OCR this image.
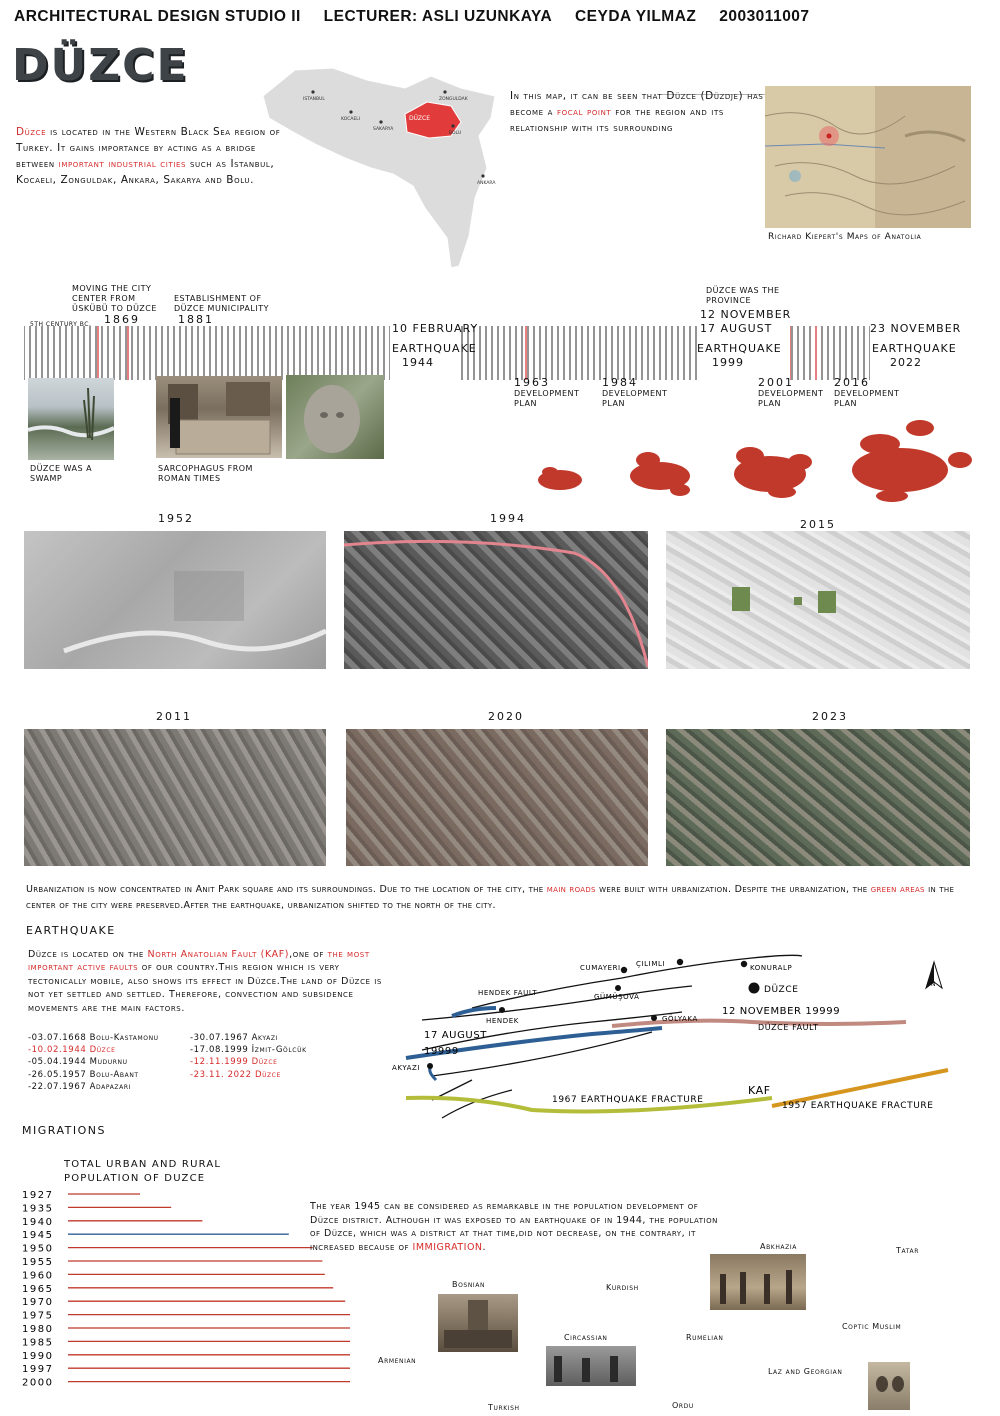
ARCHITECTURAL DESIGN STUDIO II LECTURER: ASLI UZUNKAYA CEYDA YILMAZ 2003011007
DÜZCE
Düzce is located in the Western Black Sea region of Turkey. It gains importance by acting as a bridge between important industrial cities such as Istanbul, Kocaeli, Zonguldak, Ankara, Sakarya and Bolu.
DÜZCE
ISTANBUL
KOCAELI
SAKARYA
ZONGULDAK
BOLU
ANKARA
In this map, it can be seen that Düzce (Düzdje) has become a focal point for the region and its relationship with its surrounding
Richard Kiepert's Maps of Anatolia
5TH CENTURY BC.
MOVING THE CITY CENTER FROM ÜSKÜBÜ TO DÜZCE
1869
ESTABLISHMENT OF DÜZCE MUNICIPALITY
1881
10 FEBRUARY
EARTHQUAKE
1944
DÜZCE WAS THE PROVINCE
12 NOVEMBER
17 AUGUST
EARTHQUAKE
1999
23 NOVEMBER
EARTHQUAKE
2022
1963
DEVELOPMENT PLAN
1984
DEVELOPMENT PLAN
2001
DEVELOPMENT PLAN
2016
DEVELOPMENT PLAN
DÜZCE WAS A SWAMP
SARCOPHAGUS FROM ROMAN TIMES
1952	1994	2015
2011	2020	2023
Urbanization is now concentrated in Anit Park square and its surroundings. Due to the location of the city, the main roads were built with urbanization. Despite the urbanization, the green areas in the center of the city were preserved.After the earthquake, urbanization shifted to the north of the city.
EARTHQUAKE
Düzce is located on the North Anatolian Fault (KAF),one of the most important active faults of our country.This region which is very tectonically mobile, also shows its effect in Düzce.The land of Düzce is not yet settled and settled. Therefore, convection and subsidence movements are the main factors.
-03.07.1668 Bolu-Kastamonu
-10.02.1944 Düzce
-05.04.1944 Mudurnu
-26.05.1957 Bolu-Abant
-22.07.1967 Adapazari
-30.07.1967 Akyazi
-17.08.1999 İzmit-Gölcük
-12.11.1999 Düzce
-23.11. 2022 Düzce
ÇILIMLI
CUMAYERI	KONURALP
DÜZCE
HENDEK FAULT	GÜMÜŞOVA
HENDEK	GÖLYAKA
AKYAZI
12 NOVEMBER 19999
DÜZCE FAULT
17 AUGUST
19999
KAF
1967 EARTHQUAKE FRACTURE
1957 EARTHQUAKE FRACTURE
N
MIGRATIONS
TOTAL URBAN AND RURAL
POPULATION OF DUZCE
1927
1935
1940
1945
1950
1955
1960
1965
1970
1975
1980
1985
1990
1997
2000
The year 1945 can be considered as remarkable in the population development of Düzce district. Although it was exposed to an earthquake of in 1944, the population of Düzce, which was a district at that time,did not decrease, on the contrary, it increased because of IMMIGRATION.	Abkhazia	Tatar
Bosnian	Kurdish
Circassian	Rumelian
Coptic Muslim
Armenian
Laz and Georgian
Turkish	Ordu
